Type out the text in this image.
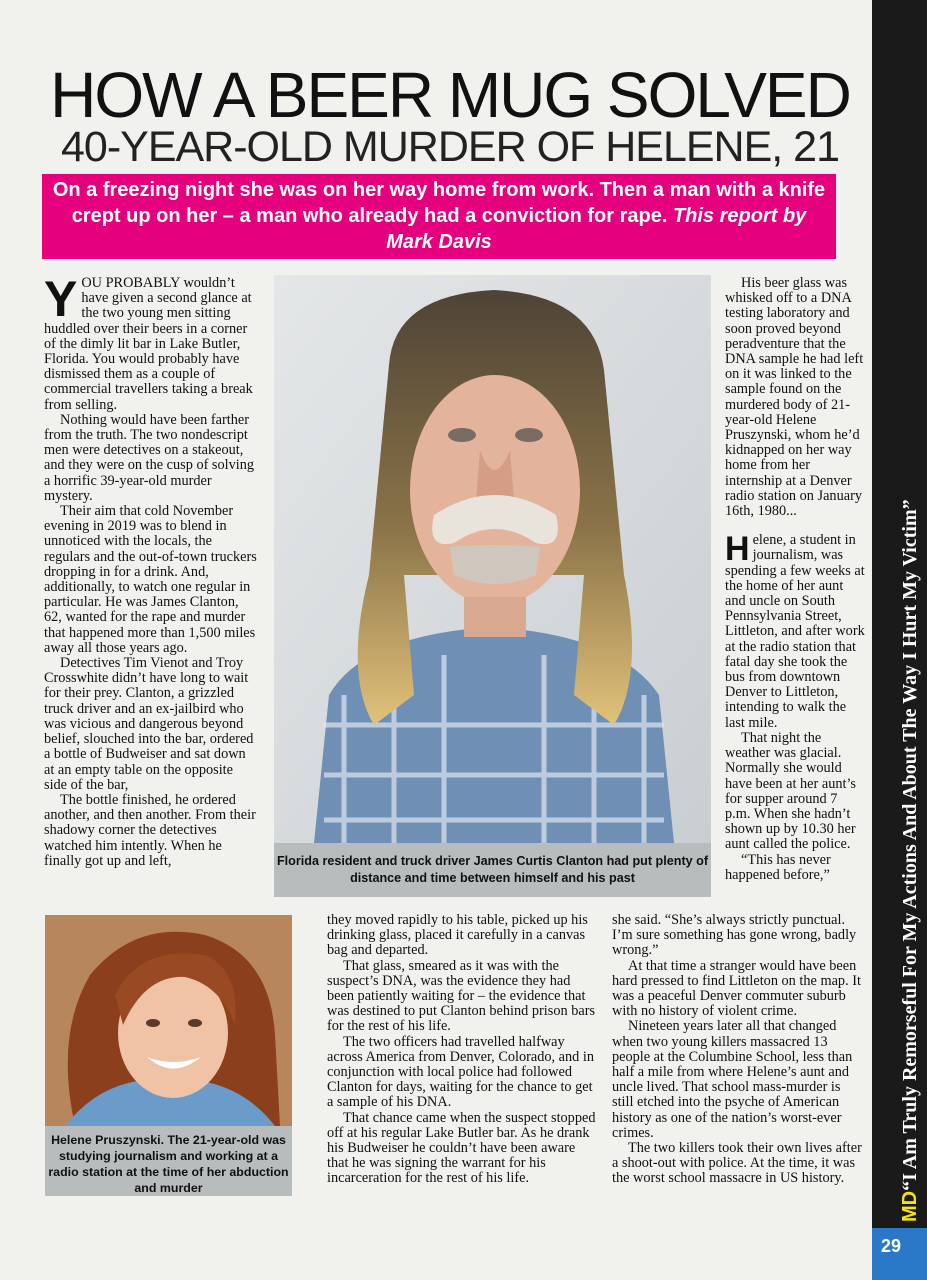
HOW A BEER MUG SOLVED
40-YEAR-OLD MURDER OF HELENE, 21
On a freezing night she was on her way home from work. Then a man with a knife crept up on her – a man who already had a conviction for rape. This report by Mark Davis

YOU PROBABLY wouldn’t have given a second glance at the two young men sitting huddled over their beers in a corner of the dimly lit bar in Lake Butler, Florida. You would probably have dismissed them as a couple of commercial travellers taking a break from selling.

Nothing would have been farther from the truth. The two nondescript men were detectives on a stakeout, and they were on the cusp of solving a horrific 39-year-old murder mystery.

Their aim that cold November evening in 2019 was to blend in unnoticed with the locals, the regulars and the out-of-town truckers dropping in for a drink. And, additionally, to watch one regular in particular. He was James Clanton, 62, wanted for the rape and murder that happened more than 1,500 miles away all those years ago.

Detectives Tim Vienot and Troy Crosswhite didn’t have long to wait for their prey. Clanton, a grizzled truck driver and an ex-jailbird who was vicious and dangerous beyond belief, slouched into the bar, ordered a bottle of Budweiser and sat down at an empty table on the opposite side of the bar,

The bottle finished, he ordered another, and then another. From their shadowy corner the detectives watched him intently. When he finally got up and left,	Florida resident and truck driver James Curtis Clanton had put plenty of distance and time between himself and his past

His beer glass was whisked off to a DNA testing laboratory and soon proved beyond peradventure that the DNA sample he had left on it was linked to the sample found on the murdered body of 21-year-old Helene Pruszynski, whom he’d kidnapped on her way home from her internship at a Denver radio station on January 16th, 1980...

Helene, a student in journalism, was spending a few weeks at the home of her aunt and uncle on South Pennsylvania Street, Littleton, and after work at the radio station that fatal day she took the bus from downtown Denver to Littleton, intending to walk the last mile.

That night the weather was glacial. Normally she would have been at her aunt’s for supper around 7 p.m. When she hadn’t shown up by 10.30 her aunt called the police.

“This has never happened before,”

Helene Pruszynski. The 21-year-old was studying journalism and working at a radio station at the time of her abduction and murder

they moved rapidly to his table, picked up his drinking glass, placed it carefully in a canvas bag and departed.

That glass, smeared as it was with the suspect’s DNA, was the evidence they had been patiently waiting for – the evidence that was destined to put Clanton behind prison bars for the rest of his life.

The two officers had travelled halfway across America from Denver, Colorado, and in conjunction with local police had followed Clanton for days, waiting for the chance to get a sample of his DNA.

That chance came when the suspect stopped off at his regular Lake Butler bar. As he drank his Budweiser he couldn’t have been aware that he was signing the warrant for his incarceration for the rest of his life.

she said. “She’s always strictly punctual. I’m sure something has gone wrong, badly wrong.”

At that time a stranger would have been hard pressed to find Littleton on the map. It was a peaceful Denver commuter suburb with no history of violent crime.

Nineteen years later all that changed when two young killers massacred 13 people at the Columbine School, less than half a mile from where Helene’s aunt and uncle lived. That school mass-murder is still etched into the psyche of American history as one of the nation’s worst-ever crimes.

The two killers took their own lives after a shoot-out with police. At the time, it was the worst school massacre in US history.

MD“I Am Truly Remorseful For My Actions And About The Way I Hurt My Victim”
29
